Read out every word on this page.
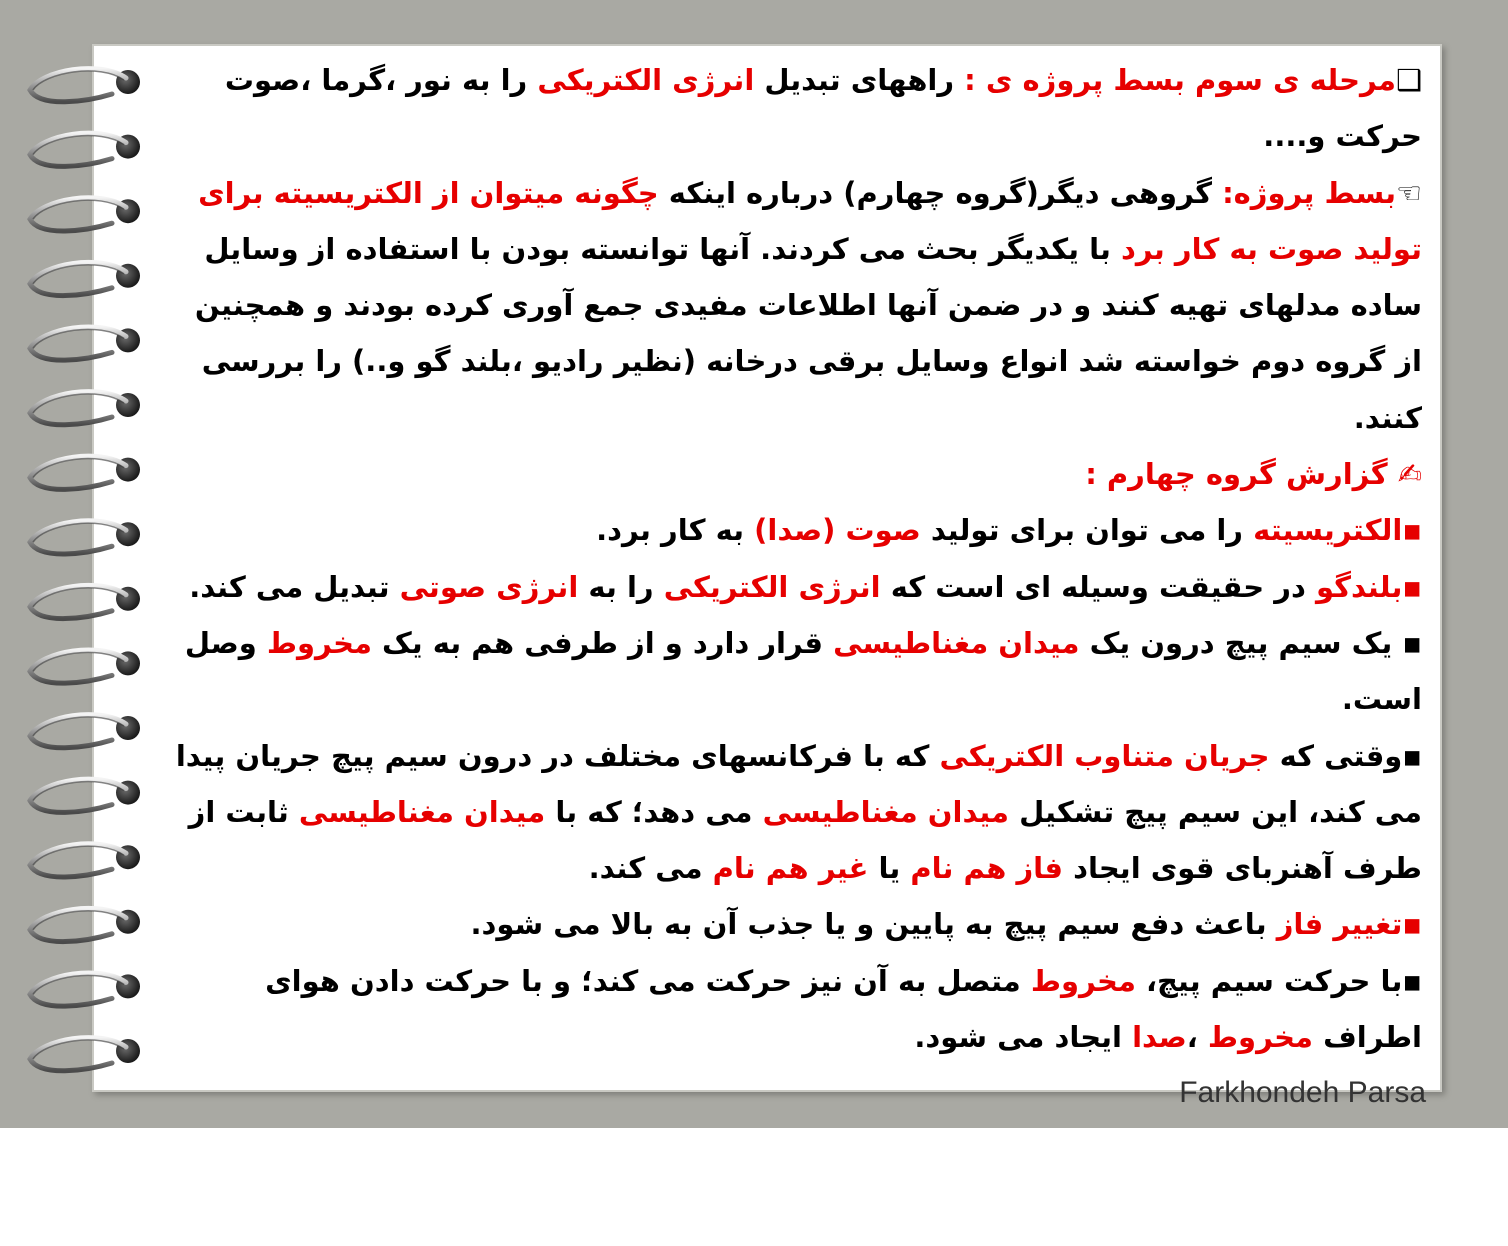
❑مرحله ی سوم بسط پروژه ی : راههای تبدیل انرژی الکتریکی را به نور ،گرما ،صوت حرکت و....

☜بسط پروژه: گروهی دیگر(گروه چهارم) درباره اینکه چگونه میتوان از الکتریسیته برای تولید صوت به کار برد با یکدیگر بحث می کردند. آنها توانسته بودن با استفاده از وسایل ساده مدلهای تهیه کنند و در ضمن آنها اطلاعات مفیدی جمع آوری کرده بودند و همچنین از گروه دوم خواسته شد انواع وسایل برقی درخانه (نظیر رادیو ،بلند گو و..) را بررسی کنند.

✍ گزارش گروه چهارم :

▪الکتریسیته را می توان برای تولید صوت (صدا) به کار برد.

▪بلندگو در حقیقت وسیله ای است که انرژی الکتریکی را به انرژی صوتی تبدیل می کند.

▪ یک سیم پیچ درون یک میدان مغناطیسی قرار دارد و از طرفی هم به یک مخروط وصل است.

▪وقتی که جریان متناوب الکتریکی که با فرکانسهای مختلف در درون سیم پیچ جریان پیدا می کند، این سیم پیچ تشکیل میدان مغناطیسی می دهد؛ که با میدان مغناطیسی ثابت از طرف آهنربای قوی ایجاد فاز هم نام یا غیر هم نام می کند.

▪تغییر فاز باعث دفع سیم پیچ به پایین و یا جذب آن به بالا می شود.

▪با حرکت سیم پیچ، مخروط متصل به آن نیز حرکت می کند؛ و با حرکت دادن هوای اطراف مخروط ،صدا ایجاد می شود.

Farkhondeh Parsa
